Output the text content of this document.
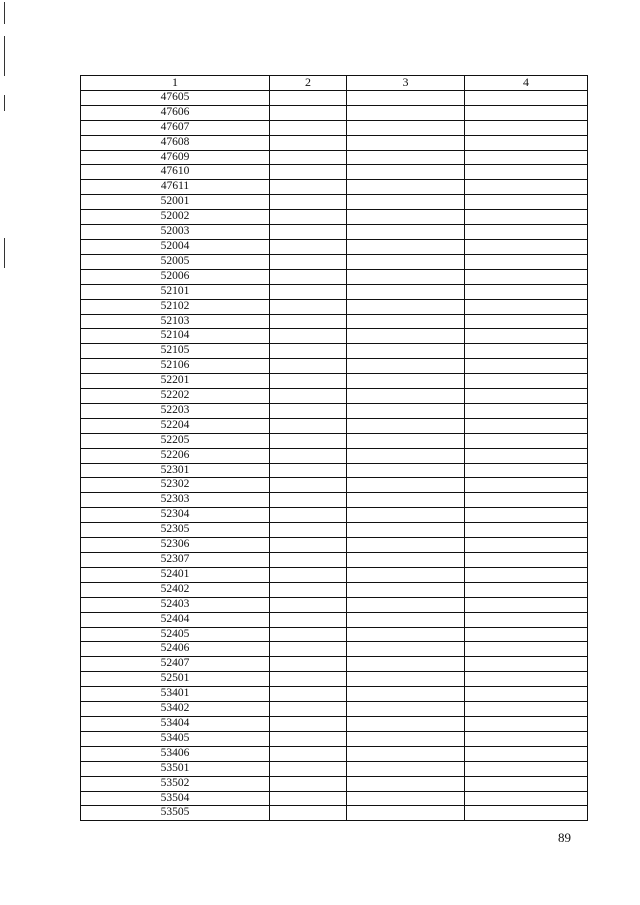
1	2	3	4
47605			
47606			
47607			
47608			
47609			
47610			
47611			
52001			
52002			
52003			
52004			
52005			
52006			
52101			
52102			
52103			
52104			
52105			
52106			
52201			
52202			
52203			
52204			
52205			
52206			
52301			
52302			
52303			
52304			
52305			
52306			
52307			
52401			
52402			
52403			
52404			
52405			
52406			
52407			
52501			
53401			
53402			
53404			
53405			
53406			
53501			
53502			
53504			
53505			
89
